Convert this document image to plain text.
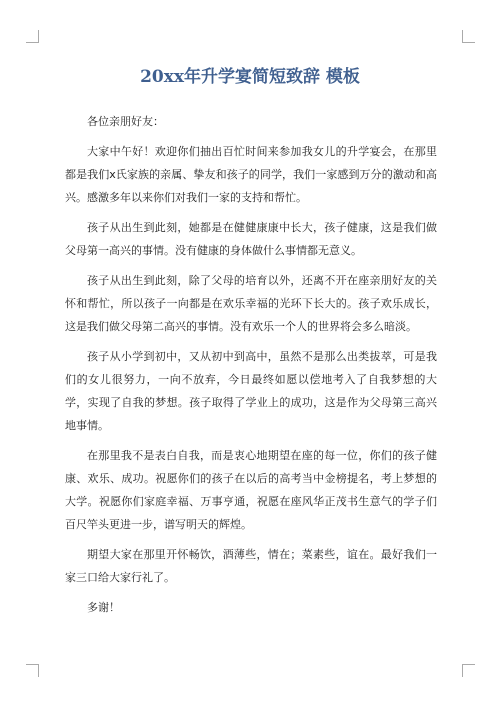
20xx年升学宴简短致辞 模板

各位亲朋好友：

大家中午好！欢迎你们抽出百忙时间来参加我女儿的升学宴会，在那里都是我们x氏家族的亲属、挚友和孩子的同学，我们一家感到万分的激动和高兴。感激多年以来你们对我们一家的支持和帮忙。

孩子从出生到此刻，她都是在健健康康中长大，孩子健康，这是我们做父母第一高兴的事情。没有健康的身体做什么事情都无意义。

孩子从出生到此刻，除了父母的培育以外，还离不开在座亲朋好友的关怀和帮忙，所以孩子一向都是在欢乐幸福的光环下长大的。孩子欢乐成长，这是我们做父母第二高兴的事情。没有欢乐一个人的世界将会多么暗淡。

孩子从小学到初中，又从初中到高中，虽然不是那么出类拔萃，可是我们的女儿很努力，一向不放弃，今日最终如愿以偿地考入了自我梦想的大学，实现了自我的梦想。孩子取得了学业上的成功，这是作为父母第三高兴地事情。

在那里我不是表白自我，而是衷心地期望在座的每一位，你们的孩子健康、欢乐、成功。祝愿你们的孩子在以后的高考当中金榜提名，考上梦想的大学。祝愿你们家庭幸福、万事亨通，祝愿在座风华正茂书生意气的学子们百尺竿头更进一步，谱写明天的辉煌。

期望大家在那里开怀畅饮，酒薄些，情在；菜素些，谊在。最好我们一家三口给大家行礼了。

多谢！
